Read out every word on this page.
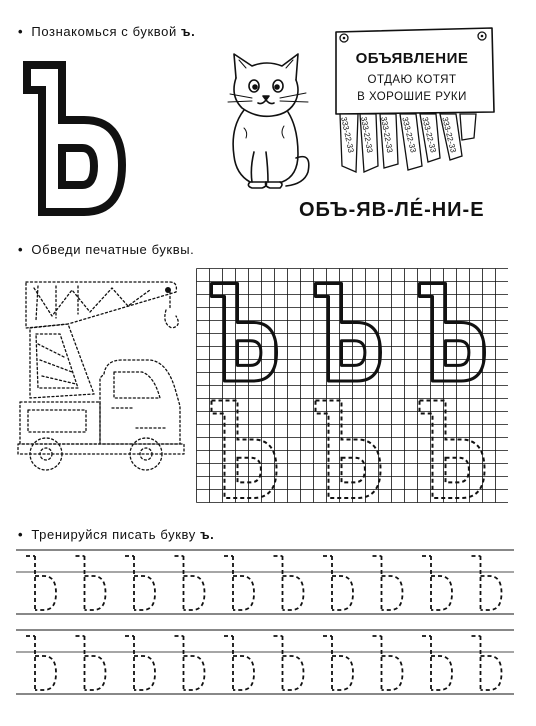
• Познакомься с буквой ъ.
ОБЪЯВЛЕНИЕ
ОТДАЮ КОТЯТ
В ХОРОШИЕ РУКИ
333-22-33 333-22-33 333-22-33 333-22-33 333-22-33 333-22-33
ОБЪ-ЯВ-ЛЕ́-НИ-Е
• Обведи печатные буквы.
• Тренируйся писать букву ъ.
